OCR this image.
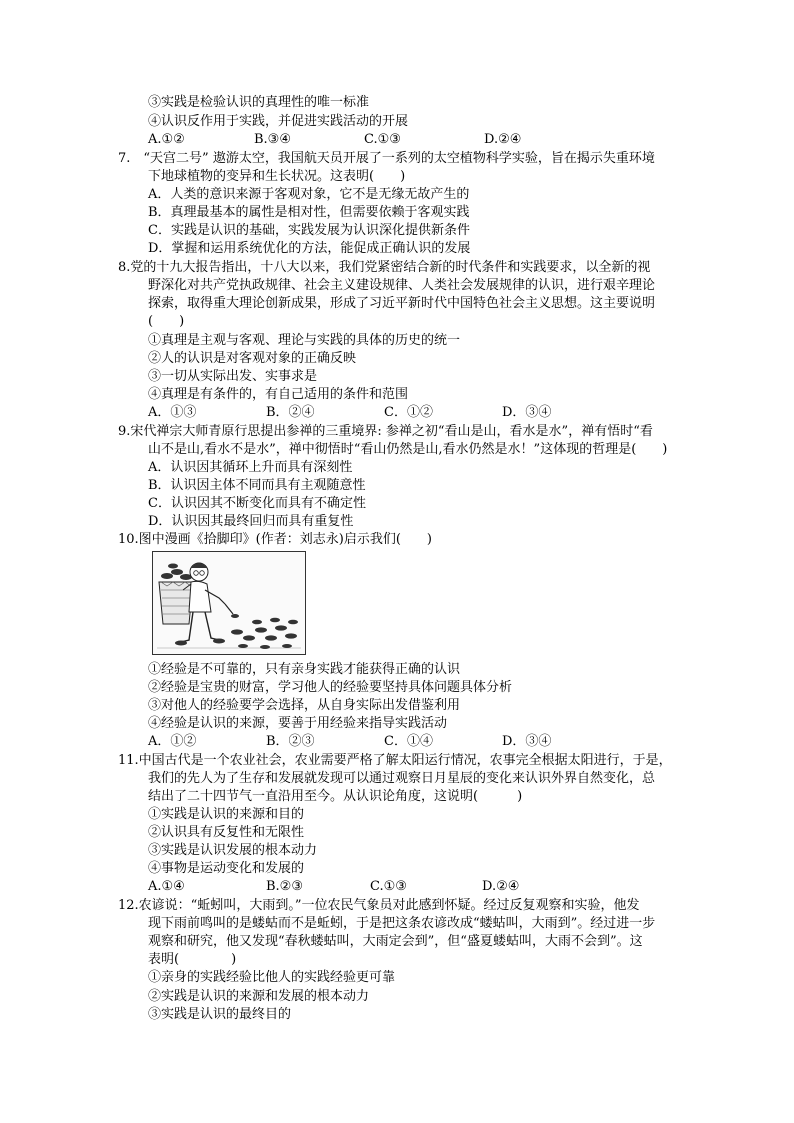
③实践是检验认识的真理性的唯一标准
④认识反作用于实践，并促进实践活动的开展
A.①②	B.③④	C.①③	D.②④
7.　“天宫二号” 遨游太空，我国航天员开展了一系列的太空植物科学实验，旨在揭示失重环境
下地球植物的变异和生长状况。这表明(　　)
A．人类的意识来源于客观对象，它不是无缘无故产生的
B．真理最基本的属性是相对性，但需要依赖于客观实践
C．实践是认识的基础，实践发展为认识深化提供新条件
D．掌握和运用系统优化的方法，能促成正确认识的发展
8.党的十九大报告指出，十八大以来，我们党紧密结合新的时代条件和实践要求，以全新的视
野深化对共产党执政规律、社会主义建设规律、人类社会发展规律的认识，进行艰辛理论
探索，取得重大理论创新成果，形成了习近平新时代中国特色社会主义思想。这主要说明
(　　)
①真理是主观与客观、理论与实践的具体的历史的统一
②人的认识是对客观对象的正确反映
③一切从实际出发、实事求是
④真理是有条件的，有自己适用的条件和范围
A．①③	B．②④	C．①②	D．③④
9.宋代禅宗大师青原行思提出参禅的三重境界: 参禅之初“看山是山，看水是水”，禅有悟时“看
山不是山,看水不是水”，禅中彻悟时“看山仍然是山,看水仍然是水！”这体现的哲理是(　　)
A．认识因其循环上升而具有深刻性
B．认识因主体不同而具有主观随意性
C．认识因其不断变化而具有不确定性
D．认识因其最终回归而具有重复性
10.图中漫画《拾脚印》(作者：刘志永)启示我们(　　)
①经验是不可靠的，只有亲身实践才能获得正确的认识
②经验是宝贵的财富，学习他人的经验要坚持具体问题具体分析
③对他人的经验要学会选择，从自身实际出发借鉴利用
④经验是认识的来源，要善于用经验来指导实践活动
A．①②	B．②③	C．①④	D．③④
11.中国古代是一个农业社会，农业需要严格了解太阳运行情况，农事完全根据太阳进行，于是，
我们的先人为了生存和发展就发现可以通过观察日月星辰的变化来认识外界自然变化，总
结出了二十四节气一直沿用至今。从认识论角度，这说明(　　　)
①实践是认识的来源和目的
②认识具有反复性和无限性
③实践是认识发展的根本动力
④事物是运动变化和发展的
A.①④	B.②③	C.①③	D.②④
12.农谚说：“蚯蚓叫，大雨到。”一位农民气象员对此感到怀疑。经过反复观察和实验，他发
现下雨前鸣叫的是蝼蛄而不是蚯蚓，于是把这条农谚改成“蝼蛄叫，大雨到”。经过进一步
观察和研究，他又发现“春秋蝼蛄叫，大雨定会到”，但“盛夏蝼蛄叫，大雨不会到”。这
表明(　　　　)
①亲身的实践经验比他人的实践经验更可靠
②实践是认识的来源和发展的根本动力
③实践是认识的最终目的
